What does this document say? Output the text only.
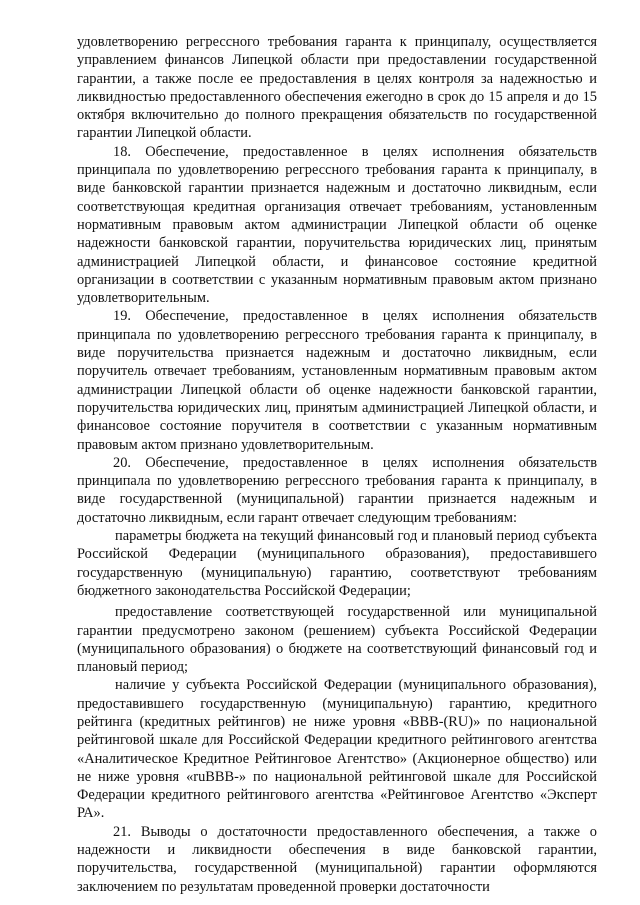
удовлетворению регрессного требования гаранта к принципалу, осуществляется управлением финансов Липецкой области при предоставлении государственной гарантии, а также после ее предоставления в целях контроля за надежностью и ликвидностью предоставленного обеспечения ежегодно в срок до 15 апреля и до 15 октября включительно до полного прекращения обязательств по государственной гарантии Липецкой области.

18. Обеспечение, предоставленное в целях исполнения обязательств принципала по удовлетворению регрессного требования гаранта к принципалу, в виде банковской гарантии признается надежным и достаточно ликвидным, если соответствующая кредитная организация отвечает требованиям, установленным нормативным правовым актом администрации Липецкой области об оценке надежности банковской гарантии, поручительства юридических лиц, принятым администрацией Липецкой области, и финансовое состояние кредитной организации в соответствии с указанным нормативным правовым актом признано удовлетворительным.

19. Обеспечение, предоставленное в целях исполнения обязательств принципала по удовлетворению регрессного требования гаранта к принципалу, в виде поручительства признается надежным и достаточно ликвидным, если поручитель отвечает требованиям, установленным нормативным правовым актом администрации Липецкой области об оценке надежности банковской гарантии, поручительства юридических лиц, принятым администрацией Липецкой области, и финансовое состояние поручителя в соответствии с указанным нормативным правовым актом признано удовлетворительным.

20. Обеспечение, предоставленное в целях исполнения обязательств принципала по удовлетворению регрессного требования гаранта к принципалу, в виде государственной (муниципальной) гарантии признается надежным и достаточно ликвидным, если гарант отвечает следующим требованиям:

параметры бюджета на текущий финансовый год и плановый период субъекта Российской Федерации (муниципального образования), предоставившего государственную (муниципальную) гарантию, соответствуют требованиям бюджетного законодательства Российской Федерации;

предоставление соответствующей государственной или муниципальной гарантии предусмотрено законом (решением) субъекта Российской Федерации (муниципального образования) о бюджете на соответствующий финансовый год и плановый период;

наличие у субъекта Российской Федерации (муниципального образования), предоставившего государственную (муниципальную) гарантию, кредитного рейтинга (кредитных рейтингов) не ниже уровня «BBB-(RU)» по национальной рейтинговой шкале для Российской Федерации кредитного рейтингового агентства «Аналитическое Кредитное Рейтинговое Агентство» (Акционерное общество) или не ниже уровня «ruBBB-» по национальной рейтинговой шкале для Российской Федерации кредитного рейтингового агентства «Рейтинговое Агентство «Эксперт РА».

21. Выводы о достаточности предоставленного обеспечения, а также о надежности и ликвидности обеспечения в виде банковской гарантии, поручительства, государственной (муниципальной) гарантии оформляются заключением по результатам проведенной проверки достаточности
